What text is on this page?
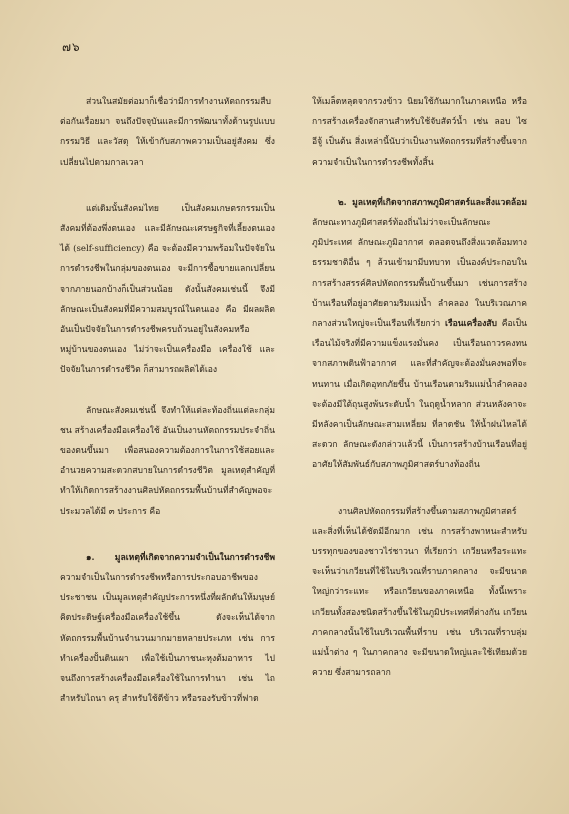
๗๖

ส่วนในสมัยต่อมาก็เชื่อว่ามีการทำงานหัตถกรรมสืบต่อกันเรื่อยมา จนถึงปัจจุบันและมีการพัฒนาทั้งด้านรูปแบบ กรรมวิธี และวัสดุ ให้เข้ากับสภาพความเป็นอยู่สังคม ซึ่งเปลี่ยนไปตามกาลเวลา

แต่เดิมนั้นสังคมไทย เป็นสังคมเกษตรกรรมเป็นสังคมที่ต้องพึ่งตนเอง และมีลักษณะเศรษฐกิจที่เลี้ยงตนเองได้ (self-sufficiency) คือ จะต้องมีความพร้อมในปัจจัยในการดำรงชีพในกลุ่มของตนเอง จะมีการซื้อขายแลกเปลี่ยนจากภายนอกบ้างก็เป็นส่วนน้อย ดังนั้นสังคมเช่นนี้ จึงมีลักษณะเป็นสังคมที่มีความสมบูรณ์ในตนเอง คือ มีผลผลิตอันเป็นปัจจัยในการดำรงชีพครบถ้วนอยู่ในสังคมหรือหมู่บ้านของตนเอง ไม่ว่าจะเป็นเครื่องมือ เครื่องใช้ และปัจจัยในการดำรงชีวิต ก็สามารถผลิตได้เอง

ลักษณะสังคมเช่นนี้ จึงทำให้แต่ละท้องถิ่นแต่ละกลุ่มชน สร้างเครื่องมือเครื่องใช้ อันเป็นงานหัตถกรรมประจำถิ่นของตนขึ้นมา เพื่อสนองความต้องการในการใช้สอยและอำนวยความสะดวกสบายในการดำรงชีวิต มูลเหตุสำคัญที่ทำให้เกิดการสร้างงานศิลปหัตถกรรมพื้นบ้านที่สำคัญพอจะประมวลได้มี ๓ ประการ คือ

๑. มูลเหตุที่เกิดจากความจำเป็นในการดำรงชีพ ความจำเป็นในการดำรงชีพหรือการประกอบอาชีพของประชาชน เป็นมูลเหตุสำคัญประการหนึ่งที่ผลักดันให้มนุษย์คิดประดิษฐ์เครื่องมือเครื่องใช้ขึ้น ดังจะเห็นได้จากหัตถกรรมพื้นบ้านจำนวนมากมายหลายประเภท เช่น การทำเครื่องปั้นดินเผา เพื่อใช้เป็นภาชนะหุงต้มอาหาร ไปจนถึงการสร้างเครื่องมือเครื่องใช้ในการทำนา เช่น ไถ สำหรับไถนา ครุ สำหรับใช้ตีข้าว หรือรองรับข้าวที่ฟาด

ให้เมล็ดหลุดจากรวงข้าว นิยมใช้กันมากในภาคเหนือ หรือ การสร้างเครื่องจักสานสำหรับใช้จับสัตว์น้ำ เช่น ลอบ ไซ อีจู้ เป็นต้น สิ่งเหล่านี้นับว่าเป็นงานหัตถกรรมที่สร้างขึ้นจากความจำเป็นในการดำรงชีพทั้งสิ้น

๒. มูลเหตุที่เกิดจากสภาพภูมิศาสตร์และสิ่งแวดล้อม ลักษณะทางภูมิศาสตร์ท้องถิ่นไม่ว่าจะเป็นลักษณะภูมิประเทศ ลักษณะภูมิอากาศ ตลอดจนถึงสิ่งแวดล้อมทางธรรมชาติอื่น ๆ ล้วนเข้ามามีบทบาท เป็นองค์ประกอบในการสร้างสรรค์ศิลปหัตถกรรมพื้นบ้านขึ้นมา เช่นการสร้างบ้านเรือนที่อยู่อาศัยตามริมแม่น้ำ ลำคลอง ในบริเวณภาคกลางส่วนใหญ่จะเป็นเรือนที่เรียกว่า เรือนเครื่องสับ คือเป็นเรือนไม้จริงที่มีความแข็งแรงมั่นคง เป็นเรือนถาวรคงทนจากสภาพดินฟ้าอากาศ และที่สำคัญจะต้องมั่นคงพอที่จะทนทาน เมื่อเกิดอุทกภัยขึ้น บ้านเรือนตามริมแม่น้ำลำคลองจะต้องมีใต้ถุนสูงพ้นระดับน้ำ ในฤดูน้ำหลาก ส่วนหลังคาจะมีหลังคาเป็นลักษณะสามเหลี่ยม ที่ลาดชัน ให้น้ำฝนไหลได้สะดวก ลักษณะดังกล่าวแล้วนี้ เป็นการสร้างบ้านเรือนที่อยู่อาศัยให้สัมพันธ์กับสภาพภูมิศาสตร์บางท้องถิ่น

งานศิลปหัตถกรรมที่สร้างขึ้นตามสภาพภูมิศาสตร์และสิ่งที่เห็นได้ชัดมีอีกมาก เช่น การสร้างพาหนะสำหรับบรรทุกของของชาวไร่ชาวนา ที่เรียกว่า เกวียนหรือระแทะ จะเห็นว่าเกวียนที่ใช้ในบริเวณที่ราบภาคกลาง จะมีขนาดใหญ่กว่าระแทะ หรือเกวียนของภาคเหนือ ทั้งนี้เพราะเกวียนทั้งสองชนิดสร้างขึ้นใช้ในภูมิประเทศที่ต่างกัน เกวียนภาคกลางนั้นใช้ในบริเวณพื้นที่ราบ เช่น บริเวณที่ราบลุ่มแม่น้ำต่าง ๆ ในภาคกลาง จะมีขนาดใหญ่และใช้เทียมด้วยควาย ซึ่งสามารถลาก
